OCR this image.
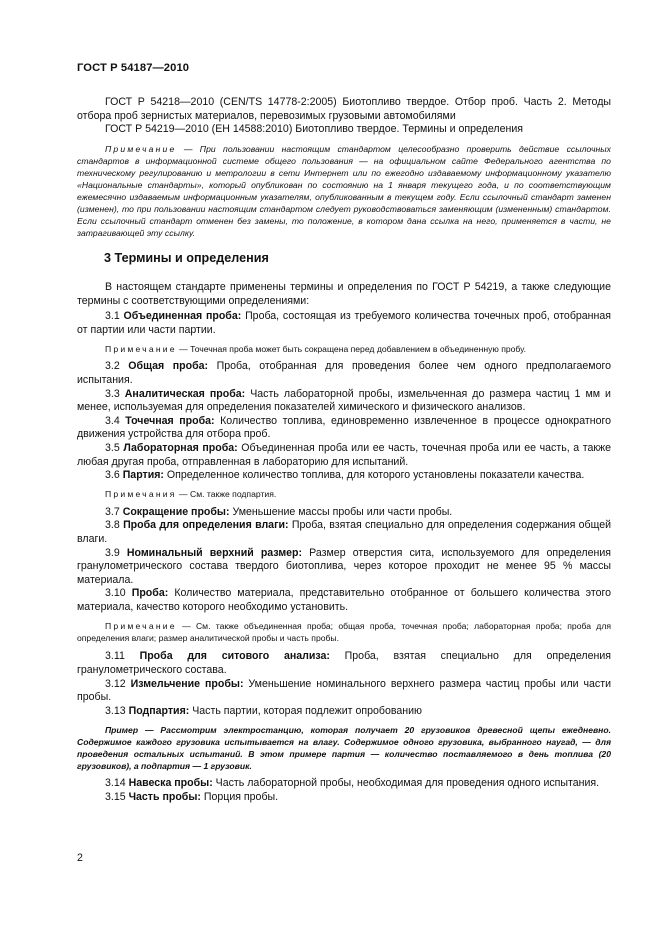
ГОСТ Р 54187—2010
ГОСТ Р 54218—2010 (CEN/TS 14778-2:2005) Биотопливо твердое. Отбор проб. Часть 2. Методы отбора проб зернистых материалов, перевозимых грузовыми автомобилями
ГОСТ Р 54219—2010 (ЕН 14588:2010) Биотопливо твердое. Термины и определения
Примечание — При пользовании настоящим стандартом целесообразно проверить действие ссылочных стандартов в информационной системе общего пользования — на официальном сайте Федерального агентства по техническому регулированию и метрологии в сети Интернет или по ежегодно издаваемому информационному указателю «Национальные стандарты», который опубликован по состоянию на 1 января текущего года, и по соответствующим ежемесячно издаваемым информационным указателям, опубликованным в текущем году. Если ссылочный стандарт заменен (изменен), то при пользовании настоящим стандартом следует руководствоваться заменяющим (измененным) стандартом. Если ссылочный стандарт отменен без замены, то положение, в котором дана ссылка на него, применяется в части, не затрагивающей эту ссылку.
3 Термины и определения

В настоящем стандарте применены термины и определения по ГОСТ Р 54219, а также следующие термины с соответствующими определениями:

3.1 Объединенная проба: Проба, состоящая из требуемого количества точечных проб, отобранная от партии или части партии.

Примечание — Точечная проба может быть сокращена перед добавлением в объединенную пробу.

3.2 Общая проба: Проба, отобранная для проведения более чем одного предполагаемого испытания.

3.3 Аналитическая проба: Часть лабораторной пробы, измельченная до размера частиц 1 мм и менее, используемая для определения показателей химического и физического анализов.

3.4 Точечная проба: Количество топлива, единовременно извлеченное в процессе однократного движения устройства для отбора проб.

3.5 Лабораторная проба: Объединенная проба или ее часть, точечная проба или ее часть, а также любая другая проба, отправленная в лабораторию для испытаний.

3.6 Партия: Определенное количество топлива, для которого установлены показатели качества.

Примечания — См. также подпартия.

3.7 Сокращение пробы: Уменьшение массы пробы или части пробы.

3.8 Проба для определения влаги: Проба, взятая специально для определения содержания общей влаги.

3.9 Номинальный верхний размер: Размер отверстия сита, используемого для определения гранулометрического состава твердого биотоплива, через которое проходит не менее 95 % массы материала.

3.10 Проба: Количество материала, представительно отобранное от большего количества этого материала, качество которого необходимо установить.

Примечание — См. также объединенная проба; общая проба, точечная проба; лабораторная проба; проба для определения влаги; размер аналитической пробы и часть пробы.

3.11 Проба для ситового анализа: Проба, взятая специально для определения гранулометрического состава.

3.12 Измельчение пробы: Уменьшение номинального верхнего размера частиц пробы или части пробы.

3.13 Подпартия: Часть партии, которая подлежит опробованию

Пример — Рассмотрим электростанцию, которая получает 20 грузовиков древесной щепы ежедневно. Содержимое каждого грузовика испытывается на влагу. Содержимое одного грузовика, выбранного наугад, — для проведения остальных испытаний. В этом примере партия — количество поставляемого в день топлива (20 грузовиков), а подпартия — 1 грузовик.

3.14 Навеска пробы: Часть лабораторной пробы, необходимая для проведения одного испытания.

3.15 Часть пробы: Порция пробы.

2
